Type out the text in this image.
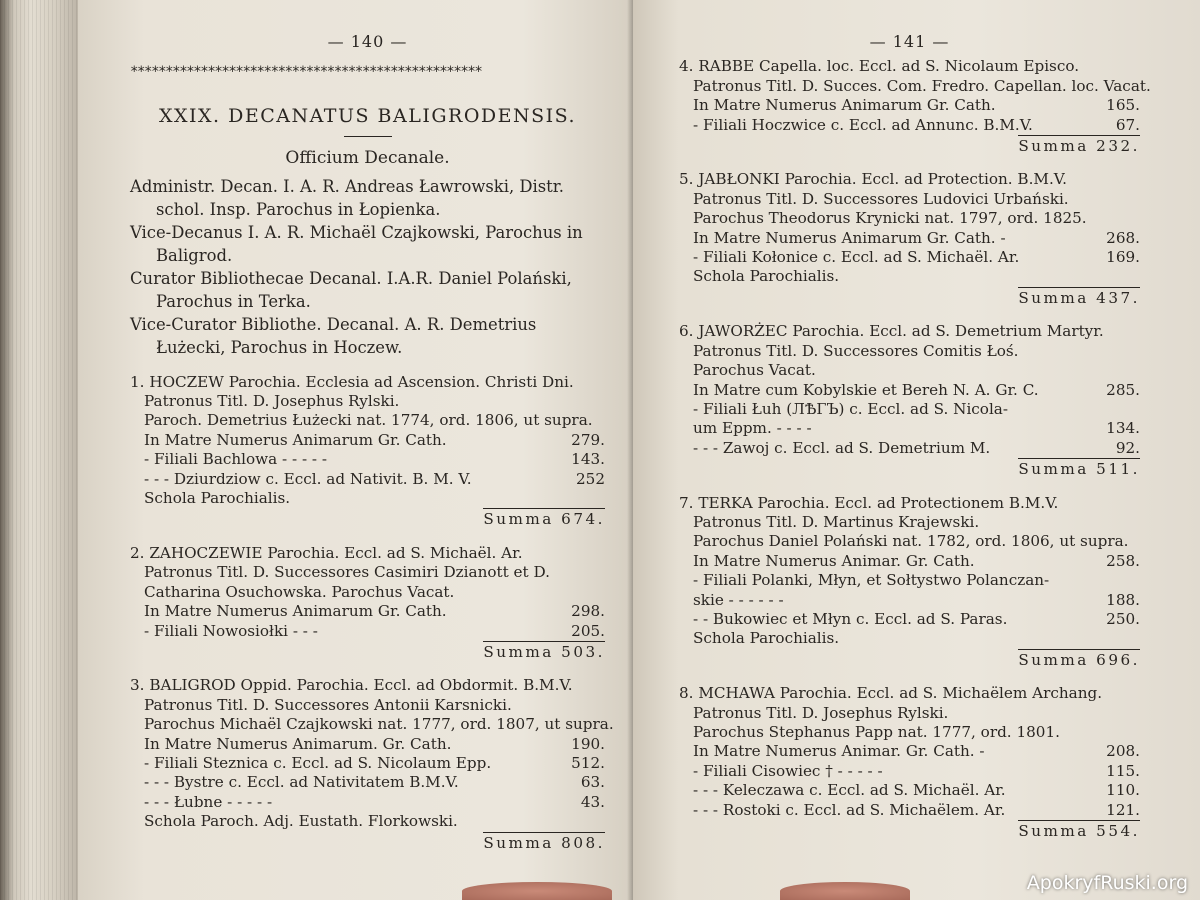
— 140 —
**************************************************
XXIX. DECANATUS BALIGRODENSIS.
Officium Decanale.
Administr. Decan. I. A. R. Andreas Ławrowski, Distr. schol. Insp. Parochus in Łopienka.
Vice-Decanus I. A. R. Michaël Czajkowski, Parochus in Baligrod.
Curator Bibliothecae Decanal. I.A.R. Daniel Polański, Parochus in Terka.
Vice-Curator Bibliothe. Decanal. A. R. Demetrius Łużecki, Parochus in Hoczew.
1. HOCZEW Parochia. Ecclesia ad Ascension. Christi Dni.
Patronus Titl. D. Josephus Rylski.
Paroch. Demetrius Łużecki nat. 1774, ord. 1806, ut supra.
In Matre Numerus Animarum Gr. Cath.	279.
- Filiali Bachlowa - - - - -	143.
- - - Dziurdziow c. Eccl. ad Nativit. B. M. V.	252
Schola Parochialis.
Summa 674.
2. ZAHOCZEWIE Parochia. Eccl. ad S. Michaël. Ar.
Patronus Titl. D. Successores Casimiri Dzianott et D.
Catharina Osuchowska. Parochus Vacat.
In Matre Numerus Animarum Gr. Cath.	298.
- Filiali Nowosiołki - - -	205.
Summa 503.
3. BALIGROD Oppid. Parochia. Eccl. ad Obdormit. B.M.V.
Patronus Titl. D. Successores Antonii Karsnicki.
Parochus Michaël Czajkowski nat. 1777, ord. 1807, ut supra.
In Matre Numerus Animarum. Gr. Cath.	190.
- Filiali Steznica c. Eccl. ad S. Nicolaum Epp.	512.
- - - Bystre c. Eccl. ad Nativitatem B.M.V.	63.
- - - Łubne - - - - -	43.
Schola Paroch. Adj. Eustath. Florkowski.
Summa 808.
— 141 —
4. RABBE Capella. loc. Eccl. ad S. Nicolaum Episco.
Patronus Titl. D. Succes. Com. Fredro. Capellan. loc. Vacat.
In Matre Numerus Animarum Gr. Cath.	165.
- Filiali Hoczwice c. Eccl. ad Annunc. B.M.V.	67.
Summa 232.
5. JABŁONKI Parochia. Eccl. ad Protection. B.M.V.
Patronus Titl. D. Successores Ludovici Urbański.
Parochus Theodorus Krynicki nat. 1797, ord. 1825.
In Matre Numerus Animarum Gr. Cath. -	268.
- Filiali Kołonice c. Eccl. ad S. Michaël. Ar.	169.
Schola Parochialis.
Summa 437.
6. JAWORŻEC Parochia. Eccl. ad S. Demetrium Martyr.
Patronus Titl. D. Successores Comitis Łoś.
Parochus Vacat.
In Matre cum Kobylskie et Bereh N. A. Gr. C.	285.
- Filiali Łuh (ЛѢГЪ) c. Eccl. ad S. Nicola-
um Eppm. - - - -	134.
- - - Zawoj c. Eccl. ad S. Demetrium M.	92.
Summa 511.
7. TERKA Parochia. Eccl. ad Protectionem B.M.V.
Patronus Titl. D. Martinus Krajewski.
Parochus Daniel Polański nat. 1782, ord. 1806, ut supra.
In Matre Numerus Animar. Gr. Cath.	258.
- Filiali Polanki, Młyn, et Sołtystwo Polanczan-
skie - - - - - -	188.
- - Bukowiec et Młyn c. Eccl. ad S. Paras.	250.
Schola Parochialis.
Summa 696.
8. MCHAWA Parochia. Eccl. ad S. Michaëlem Archang.
Patronus Titl. D. Josephus Rylski.
Parochus Stephanus Papp nat. 1777, ord. 1801.
In Matre Numerus Animar. Gr. Cath. -	208.
- Filiali Cisowiec † - - - - -	115.
- - - Keleczawa c. Eccl. ad S. Michaël. Ar.	110.
- - - Rostoki c. Eccl. ad S. Michaëlem. Ar.	121.
Summa 554.
ApokryfRuski.org
